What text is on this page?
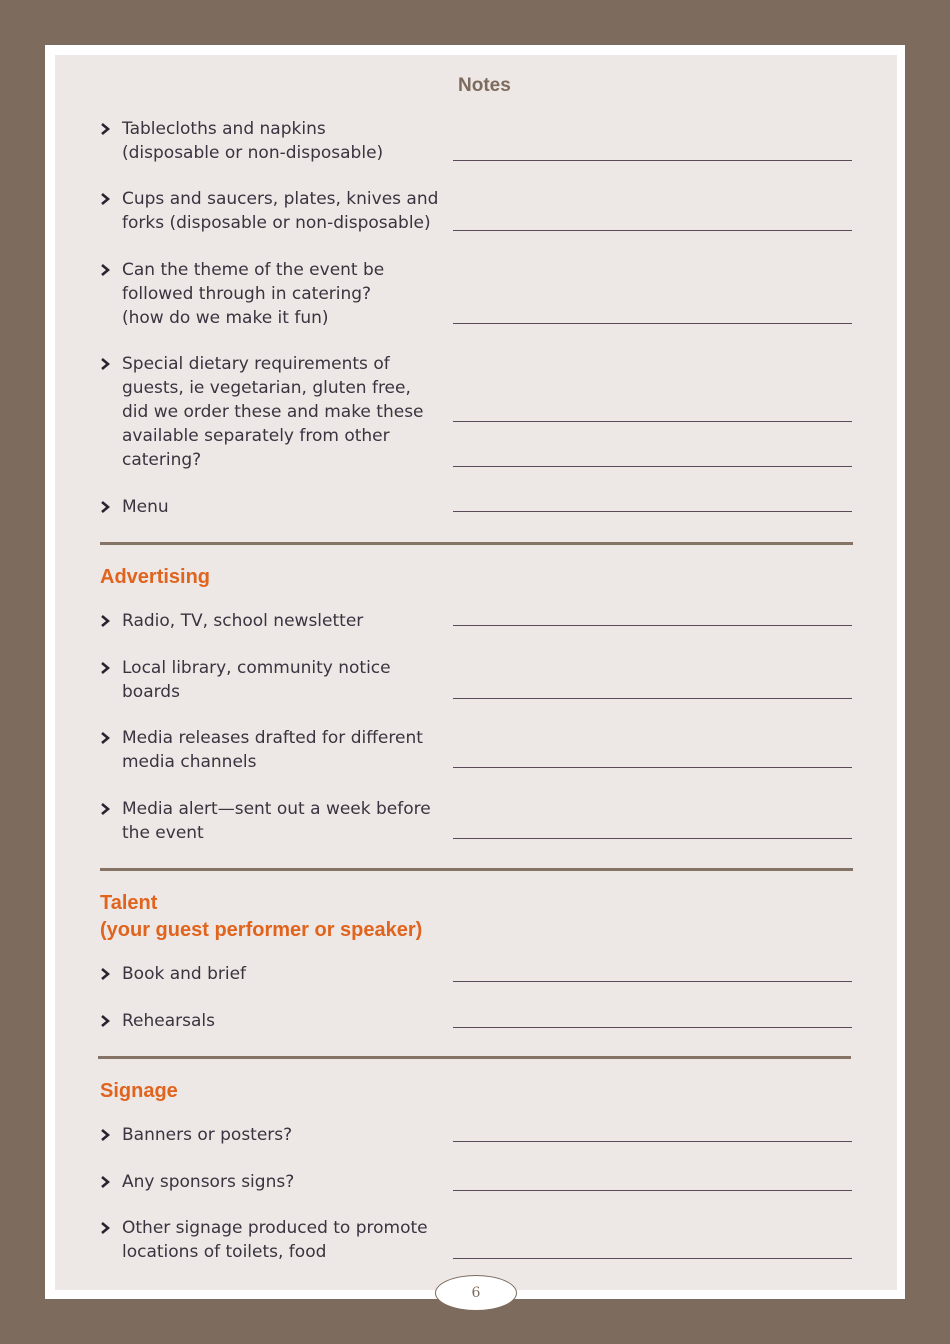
Notes
Tablecloths and napkins
(disposable or non-disposable)
Cups and saucers, plates, knives and
forks (disposable or non-disposable)
Can the theme of the event be
followed through in catering?
(how do we make it fun)
Special dietary requirements of
guests, ie vegetarian, gluten free,
did we order these and make these
available separately from other
catering?
Menu
Advertising
Radio, TV, school newsletter
Local library, community notice
boards
Media releases drafted for different
media channels
Media alert—sent out a week before
the event
Talent
(your guest performer or speaker)
Book and brief
Rehearsals
Signage
Banners or posters?
Any sponsors signs?
Other signage produced to promote
locations of toilets, food
6
